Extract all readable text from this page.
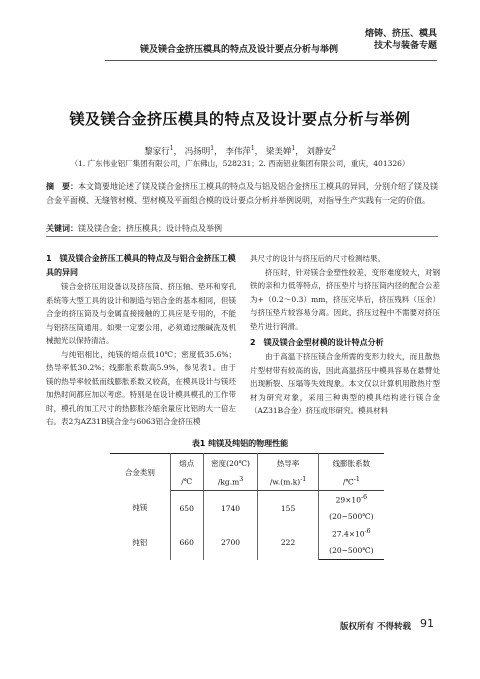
镁及镁合金挤压模具的特点及设计要点分析与举例
熔铸、挤压、模具
技术与装备专题
镁及镁合金挤压模具的特点及设计要点分析与举例
黎家行$^1$， 冯扬明$^1$， 李伟萍$^1$， 梁美婵$^1$， 刘静安$^2$
（1. 广东伟业铝厂集团有限公司，广东佛山，528231；2. 西南铝业集团有限公司，重庆，401326）
摘　要：本文简要地论述了镁及镁合金挤压工模具的特点及与铝及铝合金挤压工模具的异同，分别介绍了镁及镁合金平面模、无缝管材模、型材模及平面组合模的设计要点分析并举例说明，对指导生产实践有一定的价值。
关键词：镁及镁合金；挤压模具；设计特点及举例
1　镁及镁合金挤压工模具的特点及与铝合金挤压工模具的异同

镁合金挤压用设备以及挤压筒、挤压轴、垫环和穿孔系统等大型工具的设计和制造与铝合金的基本相同，但镁合金的挤压筒及与金属直接接触的工具应是专用的，不能与铝挤压筒通用。如果一定要公用，必须通过酸碱洗及机械抛光以保持清洁。

与纯铝相比，纯镁的熔点低10℃；密度低35.6%；热导率低30.2%；线膨胀系数高5.9%，参见表1。由于镁的热导率较低而线膨胀系数又较高，在模具设计与镁坯加热时间都应加以考虑。特别是在设计模具模孔的工作带时，模孔的加工尺寸的热膨胀冷缩余量应比铝的大一倍左右。表2为AZ31B镁合金与6063铝合金挤压模

具尺寸的设计与挤压后的尺寸检测结果。

挤压时，针对镁合金塑性较差，变形难度较大，对钢铁的亲和力低等特点，挤压垫片与挤压筒内径的配合公差为+（0.2～0.3）mm，挤压完毕后，挤压残料（压余）与挤压垫片较容易分离。因此，挤压过程中不需要对挤压垫片进行润滑。

2　镁及镁合金型材模的设计特点分析

由于高温下挤压镁合金所需的变形力较大，而且散热片型材带有较高的齿，因此高温挤压中模具容易在悬臂处出现断裂、压塌等失效现象。本文仅以计算机用散热片型材为研究对象，采用三种典型的模具结构进行镁合金（AZ31B合金）挤压成形研究。模具材料

表1 纯镁及纯铝的物理性能
合金类别	熔点	密度(20℃)	热导率	线膨胀系数
	/℃	$/kg.m^3$	$/w.(m.k)^{-1}$	/℃$^{-1}$
纯镁	650	1740	155	$29\times 10^{-6}$
				(20~500℃)
纯铝	660	2700	222	$27.4\times 10^{-6}$
				(20~500℃)
版权所有 不得转载 91
